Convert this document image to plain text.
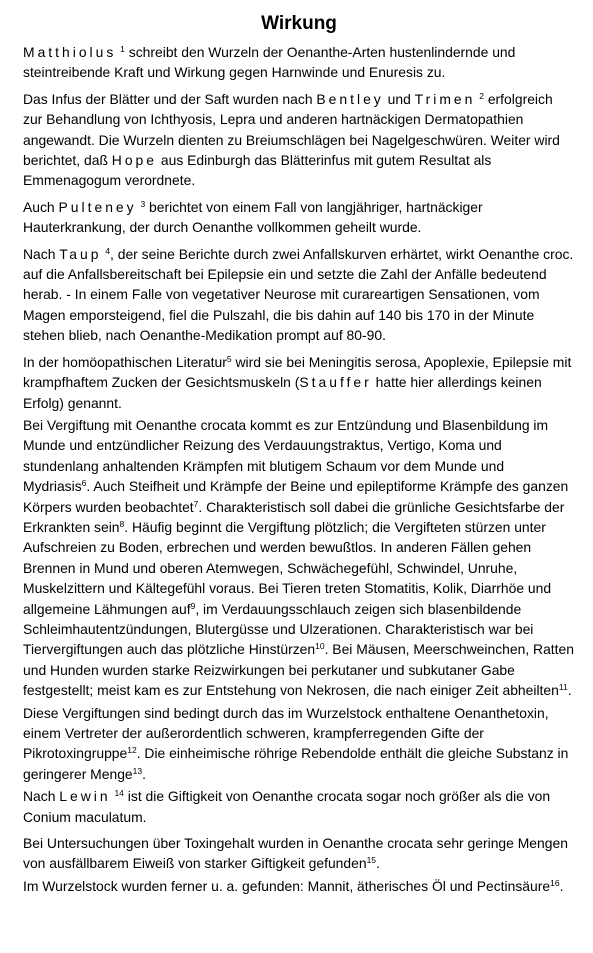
Wirkung

Matthiolus $^1$ schreibt den Wurzeln der Oenanthe-Arten hustenlindernde und steintreibende Kraft und Wirkung gegen Harnwinde und Enuresis zu.

Das Infus der Blätter und der Saft wurden nach Bentley und Trimen $^2$ erfolgreich zur Behandlung von Ichthyosis, Lepra und anderen hartnäckigen Dermatopathien angewandt. Die Wurzeln dienten zu Breiumschlägen bei Nagelgeschwüren. Weiter wird berichtet, daß Hope aus Edinburgh das Blätterinfus mit gutem Resultat als Emmenagogum verordnete.

Auch Pulteney $^3$ berichtet von einem Fall von langjähriger, hartnäckiger Hauterkrankung, der durch Oenanthe vollkommen geheilt wurde.

Nach Taup $^4$, der seine Berichte durch zwei Anfallskurven erhärtet, wirkt Oenanthe croc. auf die Anfallsbereitschaft bei Epilepsie ein und setzte die Zahl der Anfälle bedeutend herab. - In einem Falle von vegetativer Neurose mit curareartigen Sensationen, vom Magen emporsteigend, fiel die Pulszahl, die bis dahin auf 140 bis 170 in der Minute stehen blieb, nach Oenanthe-Medikation prompt auf 80-90.

In der homöopathischen Literatur$^5$ wird sie bei Meningitis serosa, Apoplexie, Epilepsie mit krampfhaftem Zucken der Gesichtsmuskeln (Stauffer hatte hier allerdings keinen Erfolg) genannt.

Bei Vergiftung mit Oenanthe crocata kommt es zur Entzündung und Blasenbildung im Munde und entzündlicher Reizung des Verdauungstraktus, Vertigo, Koma und stundenlang anhaltenden Krämpfen mit blutigem Schaum vor dem Munde und Mydriasis$^6$. Auch Steifheit und Krämpfe der Beine und epileptiforme Krämpfe des ganzen Körpers wurden beobachtet$^7$. Charakteristisch soll dabei die grünliche Gesichtsfarbe der Erkrankten sein$^8$. Häufig beginnt die Vergiftung plötzlich; die Vergifteten stürzen unter Aufschreien zu Boden, erbrechen und werden bewußtlos. In anderen Fällen gehen Brennen in Mund und oberen Atemwegen, Schwächegefühl, Schwindel, Unruhe, Muskelzittern und Kältegefühl voraus. Bei Tieren treten Stomatitis, Kolik, Diarrhöe und allgemeine Lähmungen auf$^9$, im Verdauungsschlauch zeigen sich blasenbildende Schleimhautentzündungen, Blutergüsse und Ulzerationen. Charakteristisch war bei Tiervergiftungen auch das plötzliche Hinstürzen$^{10}$. Bei Mäusen, Meerschweinchen, Ratten und Hunden wurden starke Reizwirkungen bei perkutaner und subkutaner Gabe festgestellt; meist kam es zur Entstehung von Nekrosen, die nach einiger Zeit abheilten$^{11}$.

Diese Vergiftungen sind bedingt durch das im Wurzelstock enthaltene Oenanthetoxin, einem Vertreter der außerordentlich schweren, krampferregenden Gifte der Pikrotoxingruppe$^{12}$. Die einheimische röhrige Rebendolde enthält die gleiche Substanz in geringerer Menge$^{13}$.

Nach Lewin $^{14}$ ist die Giftigkeit von Oenanthe crocata sogar noch größer als die von Conium maculatum.

Bei Untersuchungen über Toxingehalt wurden in Oenanthe crocata sehr geringe Mengen von ausfällbarem Eiweiß von starker Giftigkeit gefunden$^{15}$.

Im Wurzelstock wurden ferner u. a. gefunden: Mannit, ätherisches Öl und Pectinsäure$^{16}$.
